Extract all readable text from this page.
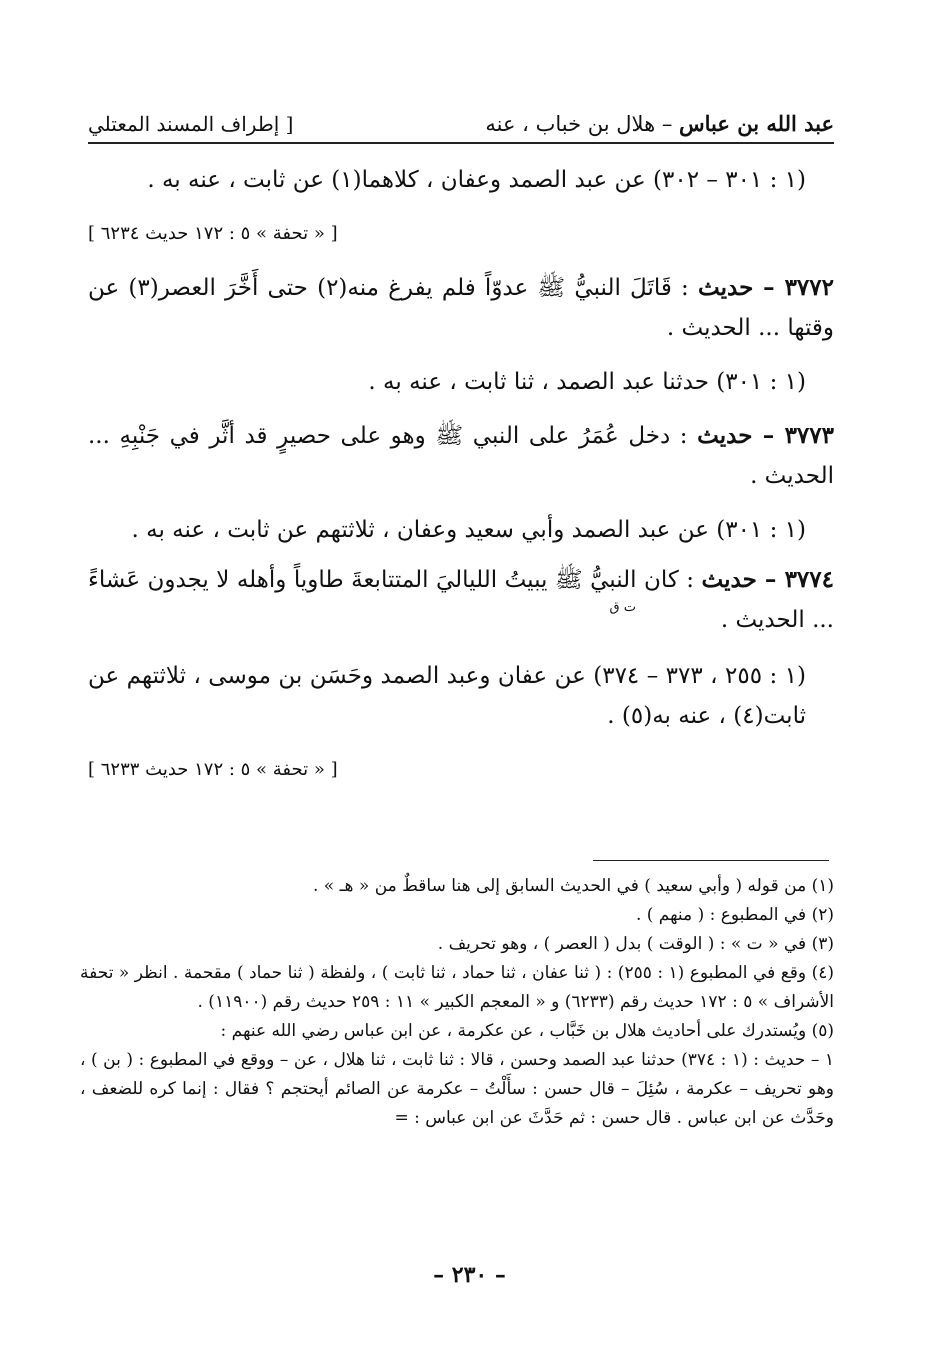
[ إطراف المسند المعتلي	عبد الله بن عباس – هلال بن خباب ، عنه

(١ : ٣٠١ – ٣٠٢) عن عبد الصمد وعفان ، كلاهما(١) عن ثابت ، عنه به .

[ « تحفة » ٥ : ١٧٢ حديث ٦٢٣٤ ]

٣٧٧٢ – حديث : قَاتَلَ النبيُّ ﷺ عدوّاً فلم يفرغ منه(٢) حتى أَخَّرَ العصر(٣) عن وقتها ... الحديث .

(١ : ٣٠١) حدثنا عبد الصمد ، ثنا ثابت ، عنه به .

٣٧٧٣ – حديث : دخل عُمَرُ على النبي ﷺ وهو على حصيرٍ قد أثَّر في جَنْبِهِ ... الحديث .

(١ : ٣٠١) عن عبد الصمد وأبي سعيد وعفان ، ثلاثتهم عن ثابت ، عنه به .

٣٧٧٤ – حديث : كان النبيُّ ﷺ يبيتُ اللياليَ المتتابعةَ طاوياً وأهله لا يجدون عَشاءً ... الحديث .
ت ق

(١ : ٢٥٥ ، ٣٧٣ – ٣٧٤) عن عفان وعبد الصمد وحَسَن بن موسى ، ثلاثتهم عن ثابت(٤) ، عنه به(٥) .

[ « تحفة » ٥ : ١٧٢ حديث ٦٢٣٣ ]

(١) من قوله ( وأبي سعيد ) في الحديث السابق إلى هنا ساقطٌ من « هـ » .

(٢) في المطبوع : ( منهم ) .

(٣) في « ت » : ( الوقت ) بدل ( العصر ) ، وهو تحريف .

(٤) وقع في المطبوع (١ : ٢٥٥) : ( ثنا عفان ، ثنا حماد ، ثنا ثابت ) ، ولفظة ( ثنا حماد ) مقحمة . انظر « تحفة الأشراف » ٥ : ١٧٢ حديث رقم (٦٢٣٣) و « المعجم الكبير » ١١ : ٢٥٩ حديث رقم (١١٩٠٠) .

(٥) ويُستدرك على أحاديث هلال بن خَبَّاب ، عن عكرمة ، عن ابن عباس رضي الله عنهم :

١ – حديث : (١ : ٣٧٤) حدثنا عبد الصمد وحسن ، قالا : ثنا ثابت ، ثنا هلال ، عن – ووقع في المطبوع : ( بن ) ، وهو تحريف – عكرمة ، سُئِلَ – قال حسن : سأَلْتُ – عكرمة عن الصائم أيحتجم ؟ فقال : إنما كره للضعف ، وحَدَّث عن ابن عباس . قال حسن : ثم حَدَّثَ عن ابن عباس : =

– ٢٣٠ –
